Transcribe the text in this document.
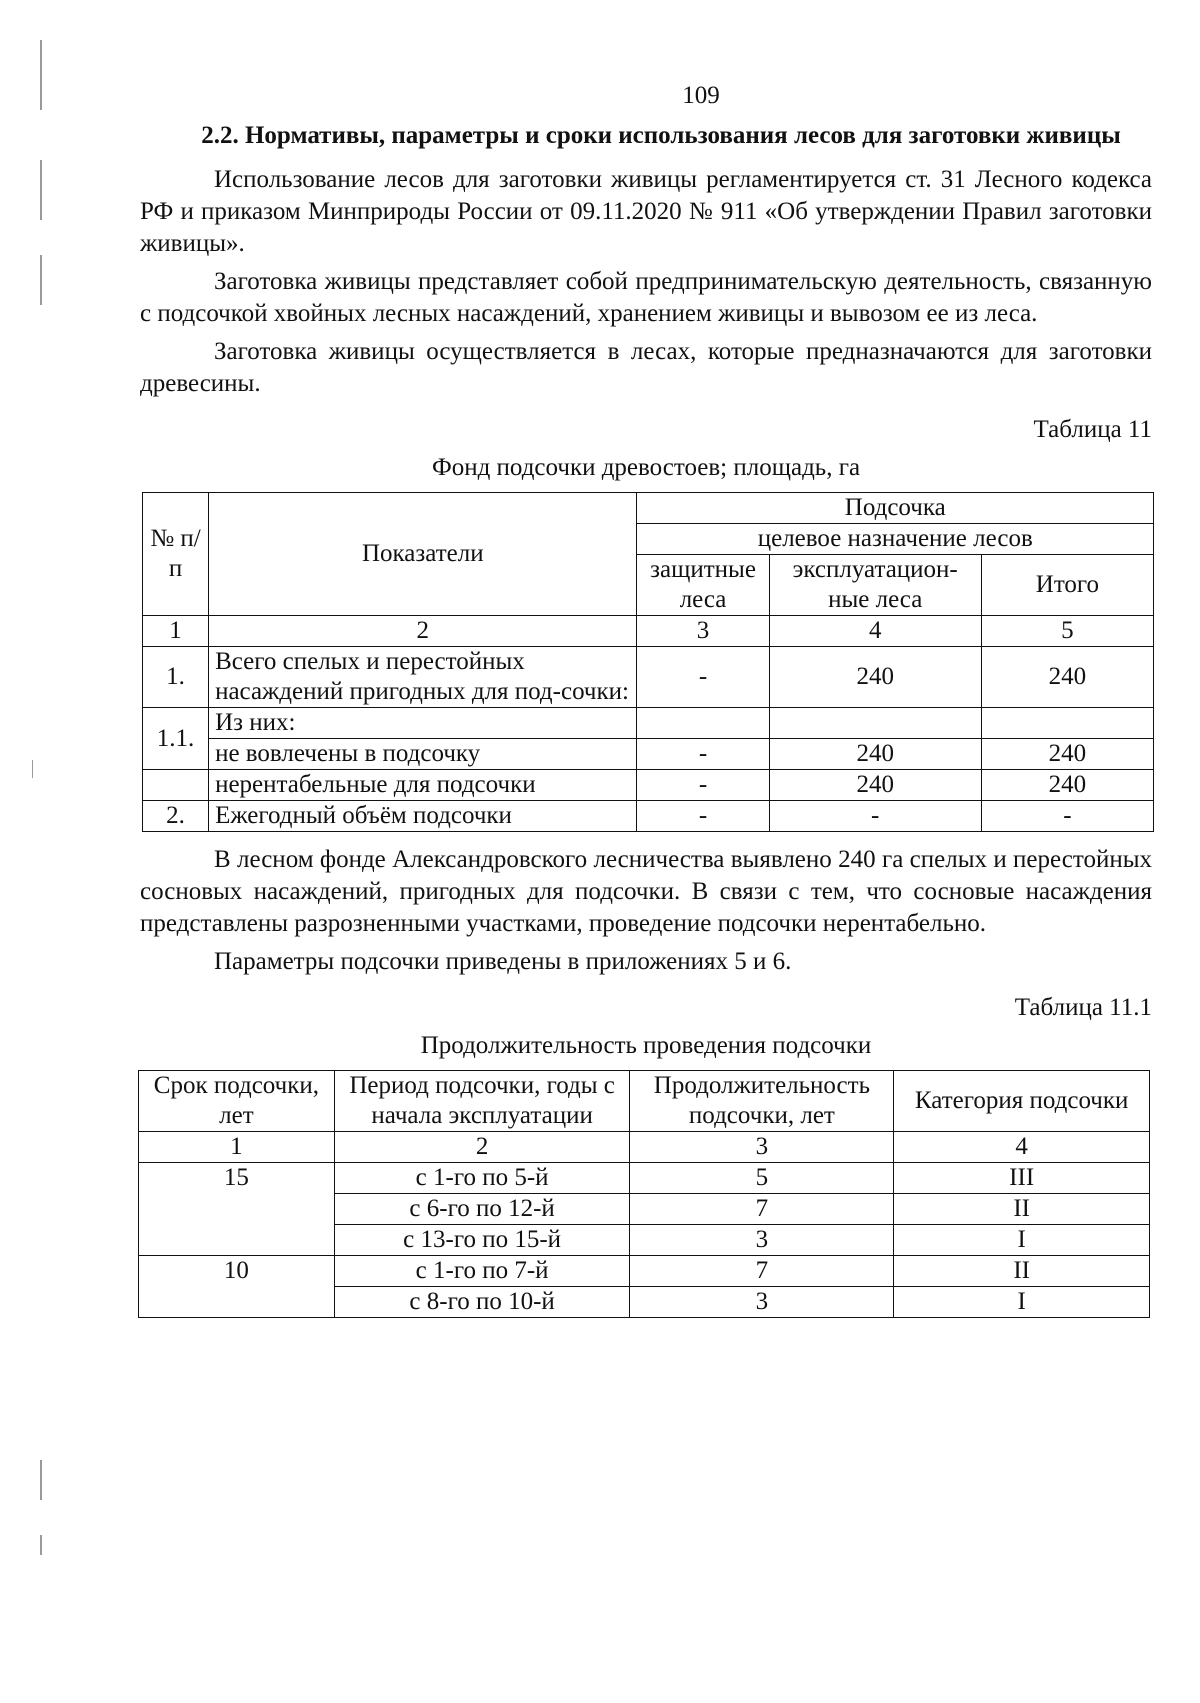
109
2.2. Нормативы, параметры и сроки использования лесов для заготовки живицы

Использование лесов для заготовки живицы регламентируется ст. 31 Лесного кодекса РФ и приказом Минприроды России от 09.11.2020 № 911 «Об утверждении Правил заготовки живицы».

Заготовка живицы представляет собой предпринимательскую деятельность, связанную с подсочкой хвойных лесных насаждений, хранением живицы и вывозом ее из леса.

Заготовка живицы осуществляется в лесах, которые предназначаются для заготовки древесины.

Таблица 11
Фонд подсочки древостоев; площадь, га
№ п/п	Показатели	Подсочка		
		целевое назначение лесов		
		защитные леса	эксплуатацион-ные леса	Итого
1	2	3	4	5
1.	Всего спелых и перестойных насаждений пригодных для под-сочки:	-	240	240
1.1.	Из них:			
	не вовлечены в подсочку	-	240	240
	нерентабельные для подсочки	-	240	240
2.	Ежегодный объём подсочки	-	-	-

В лесном фонде Александровского лесничества выявлено 240 га спелых и перестойных сосновых насаждений, пригодных для подсочки. В связи с тем, что сосновые насаждения представлены разрозненными участками, проведение подсочки нерентабельно.

Параметры подсочки приведены в приложениях 5 и 6.

Таблица 11.1
Продолжительность проведения подсочки
Срок подсочки, лет	Период подсочки, годы с начала эксплуатации	Продолжительность подсочки, лет	Категория подсочки
1	2	3	4
15	с 1-го по 5-й	5	III
	с 6-го по 12-й	7	II
	с 13-го по 15-й	3	I
10	с 1-го по 7-й	7	II
	с 8-го по 10-й	3	I
